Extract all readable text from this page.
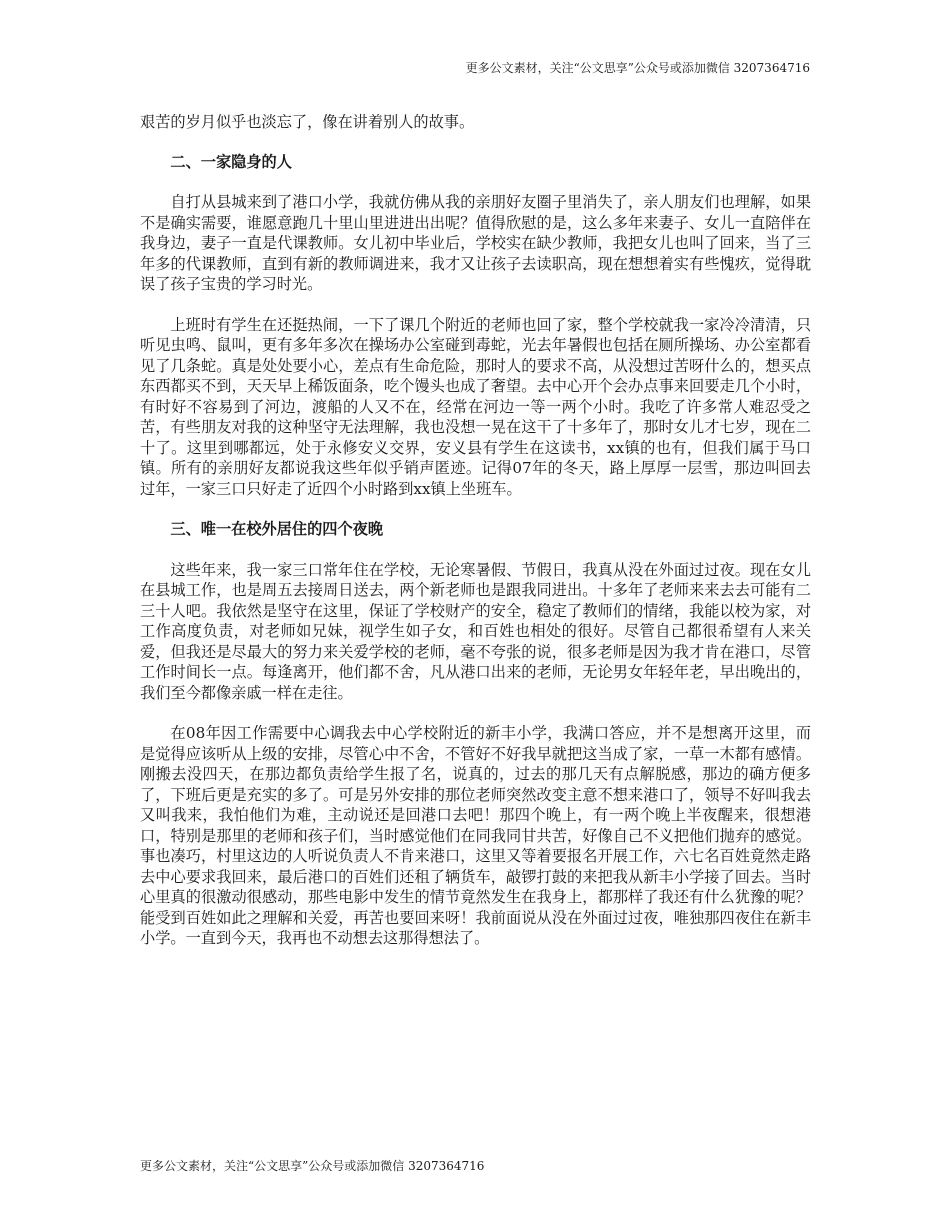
更多公文素材，关注“公文思享”公众号或添加微信 3207364716

艰苦的岁月似乎也淡忘了，像在讲着别人的故事。

二、一家隐身的人

自打从县城来到了港口小学，我就仿佛从我的亲朋好友圈子里消失了，亲人朋友们也理解，如果不是确实需要，谁愿意跑几十里山里进进出出呢？值得欣慰的是，这么多年来妻子、女儿一直陪伴在我身边，妻子一直是代课教师。女儿初中毕业后，学校实在缺少教师，我把女儿也叫了回来，当了三年多的代课教师，直到有新的教师调进来，我才又让孩子去读职高，现在想想着实有些愧疚，觉得耽误了孩子宝贵的学习时光。

上班时有学生在还挺热闹，一下了课几个附近的老师也回了家，整个学校就我一家冷冷清清，只听见虫鸣、鼠叫，更有多年多次在操场办公室碰到毒蛇，光去年暑假也包括在厕所操场、办公室都看见了几条蛇。真是处处要小心，差点有生命危险，那时人的要求不高，从没想过苦呀什么的，想买点东西都买不到，天天早上稀饭面条，吃个馒头也成了奢望。去中心开个会办点事来回要走几个小时，有时好不容易到了河边，渡船的人又不在，经常在河边一等一两个小时。我吃了许多常人难忍受之苦，有些朋友对我的这种坚守无法理解，我也没想一晃在这干了十多年了，那时女儿才七岁，现在二十了。这里到哪都远，处于永修安义交界，安义县有学生在这读书，xx镇的也有，但我们属于马口镇。所有的亲朋好友都说我这些年似乎销声匿迹。记得07年的冬天，路上厚厚一层雪，那边叫回去过年，一家三口只好走了近四个小时路到xx镇上坐班车。

三、唯一在校外居住的四个夜晚

这些年来，我一家三口常年住在学校，无论寒暑假、节假日，我真从没在外面过过夜。现在女儿在县城工作，也是周五去接周日送去，两个新老师也是跟我同进出。十多年了老师来来去去可能有二三十人吧。我依然是坚守在这里，保证了学校财产的安全，稳定了教师们的情绪，我能以校为家，对工作高度负责，对老师如兄妹，视学生如子女，和百姓也相处的很好。尽管自己都很希望有人来关爱，但我还是尽最大的努力来关爱学校的老师，毫不夸张的说，很多老师是因为我才肯在港口，尽管工作时间长一点。每逢离开，他们都不舍，凡从港口出来的老师，无论男女年轻年老，早出晚出的，我们至今都像亲戚一样在走往。

在08年因工作需要中心调我去中心学校附近的新丰小学，我满口答应，并不是想离开这里，而是觉得应该听从上级的安排，尽管心中不舍，不管好不好我早就把这当成了家，一草一木都有感情。刚搬去没四天，在那边都负责给学生报了名，说真的，过去的那几天有点解脱感，那边的确方便多了，下班后更是充实的多了。可是另外安排的那位老师突然改变主意不想来港口了，领导不好叫我去又叫我来，我怕他们为难，主动说还是回港口去吧！那四个晚上，有一两个晚上半夜醒来，很想港口，特别是那里的老师和孩子们，当时感觉他们在同我同甘共苦，好像自己不义把他们抛弃的感觉。事也凑巧，村里这边的人听说负责人不肯来港口，这里又等着要报名开展工作，六七名百姓竟然走路去中心要求我回来，最后港口的百姓们还租了辆货车，敲锣打鼓的来把我从新丰小学接了回去。当时心里真的很激动很感动，那些电影中发生的情节竟然发生在我身上，都那样了我还有什么犹豫的呢？能受到百姓如此之理解和关爱，再苦也要回来呀！我前面说从没在外面过过夜，唯独那四夜住在新丰小学。一直到今天，我再也不动想去这那得想法了。

更多公文素材，关注“公文思享”公众号或添加微信 3207364716
